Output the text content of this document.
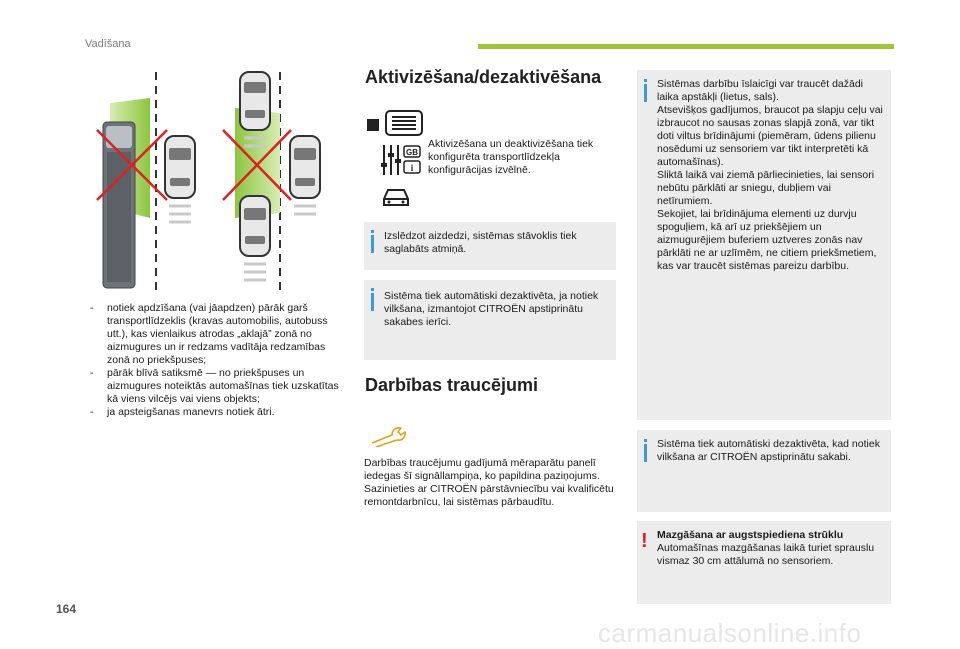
Vadīšana
- notiek apdzīšana (vai jāapdzen) pārāk garš transportlīdzeklis (kravas automobilis, autobuss utt.), kas vienlaikus atrodas „aklajā” zonā no aizmugures un ir redzams vadītāja redzamības zonā no priekšpuses;
- pārāk blīvā satiksmē — no priekšpuses un aizmugures noteiktās automašīnas tiek uzskatītas kā viens vilcējs vai viens objekts;
- ja apsteigšanas manevrs notiek ātri.
Aktivizēšana/dezaktivēšana
GB
i
Aktivizēšana un deaktivizēšana tiek konfigurēta transportlīdzekļa konfigurācijas izvēlnē.
Izslēdzot aizdedzi, sistēmas stāvoklis tiek saglabāts atmiņā.
Sistēma tiek automātiski dezaktivēta, ja notiek vilkšana, izmantojot CITROËN apstiprinātu sakabes ierīci.
Darbības traucējumi

Darbības traucējumu gadījumā mēraparātu panelī iedegas šī signāllampiņa, ko papildina paziņojums.

Sazinieties ar CITROËN pārstāvniecību vai kvalificētu remontdarbnīcu, lai sistēmas pārbaudītu.

Sistēmas darbību īslaicīgi var traucēt dažādi laika apstākļi (lietus, sals).

Atsevišķos gadījumos, braucot pa slapju ceļu vai izbraucot no sausas zonas slapjā zonā, var tikt doti viltus brīdinājumi (piemēram, ūdens pilienu nosēdumi uz sensoriem var tikt interpretēti kā automašīnas).

Sliktā laikā vai ziemā pārliecinieties, lai sensori nebūtu pārklāti ar sniegu, dubļiem vai netīrumiem.

Sekojiet, lai brīdinājuma elementi uz durvju spoguļiem, kā arī uz priekšējiem un aizmugurējiem buferiem uztveres zonās nav pārklāti ne ar uzlīmēm, ne citiem priekšmetiem, kas var traucēt sistēmas pareizu darbību.

Sistēma tiek automātiski dezaktivēta, kad notiek vilkšana ar CITROËN apstiprinātu sakabi.
! Mazgāšana ar augstspiediena strūklu

Automašīnas mazgāšanas laikā turiet sprauslu vismaz 30 cm attālumā no sensoriem.

164
carmanualsonline.info
